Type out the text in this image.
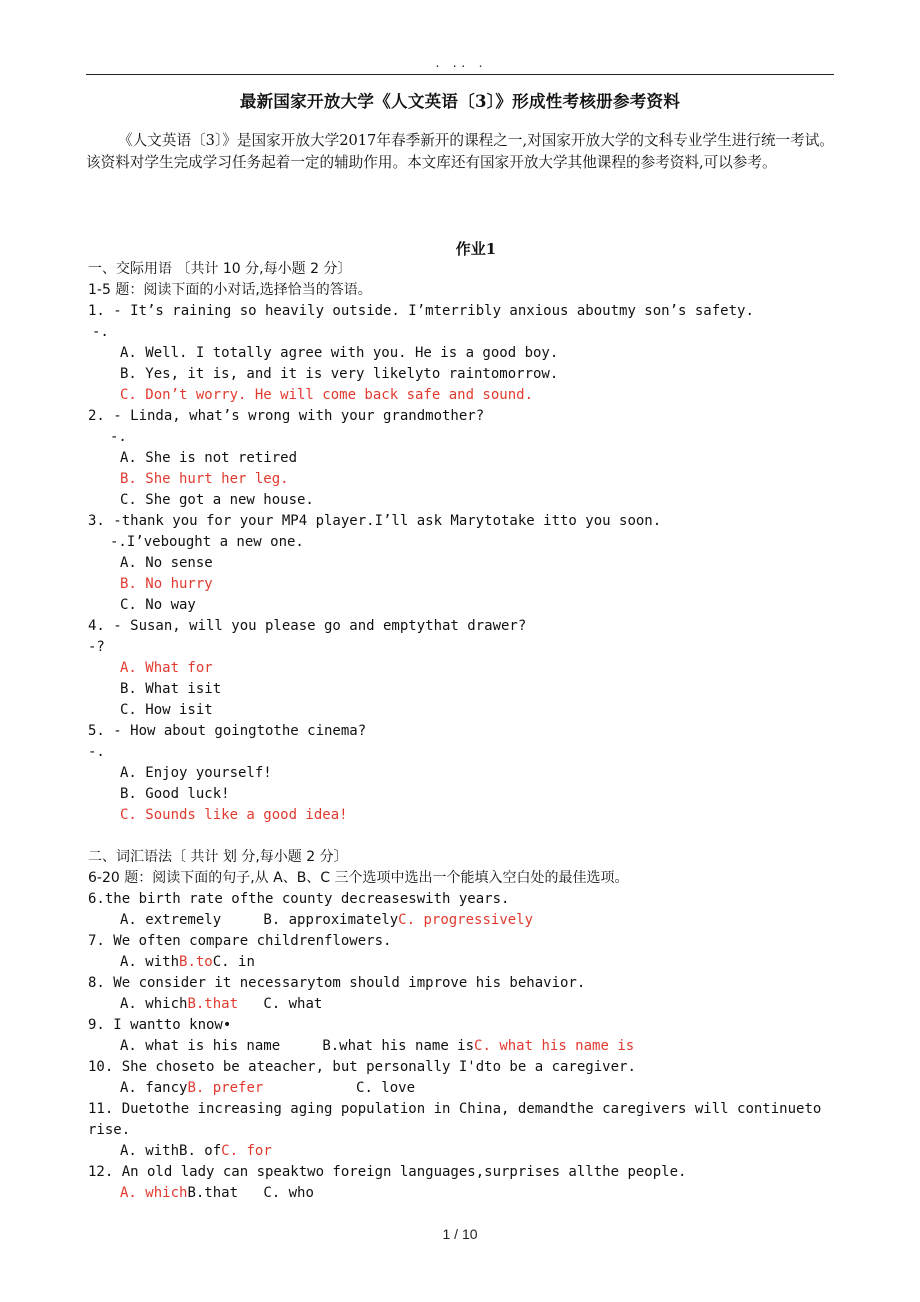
. .. .
最新国家开放大学《人文英语〔3〕》形成性考核册参考资料
《人文英语〔3〕》是国家开放大学2017年春季新开的课程之一,对国家开放大学的文科专业学生进行统一考试。该资料对学生完成学习任务起着一定的辅助作用。本文库还有国家开放大学其他课程的参考资料,可以参考。
作业1
一、交际用语 〔共计 10 分,每小题 2 分〕
1-5 题：阅读下面的小对话,选择恰当的答语。
1. - It’s raining so heavily outside. I’mterribly anxious aboutmy son’s safety.
-.
A. Well. I totally agree with you. He is a good boy.
B. Yes, it is, and it is very likelyto raintomorrow.
C. Don’t worry. He will come back safe and sound.
2. - Linda, what’s wrong with your grandmother?
-.
A. She is not retired
B. She hurt her leg.
C. She got a new house.
3. -thank you for your MP4 player.I’ll ask Marytotake itto you soon.
-.I’vebought a new one.
A. No sense
B. No hurry
C. No way
4. - Susan, will you please go and emptythat drawer?
-?
A. What for
B. What isit
C. How isit
5. - How about goingtothe cinema?
-.
A. Enjoy yourself!
B. Good luck!
C. Sounds like a good idea!
二、词汇语法〔 共计 划 分,每小题 2 分〕
6-20 题：阅读下面的句子,从 A、B、C 三个选项中选出一个能填入空白处的最佳选项。
6.the birth rate ofthe county decreaseswith years.
A. extremely	B. approximatelyC. progressively
7. We often compare childrenflowers.
A. withB.toC. in
8. We consider it necessarytom should improve his behavior.
A. whichB.that C. what
9. I wantto know•
A. what is his name	B.what his name isC. what his name is
10. She choseto be ateacher, but personally I'dto be a caregiver.
A. fancyB. prefer	C. love
11. Duetothe increasing aging population in China, demandthe caregivers will continueto rise.
A. withB. ofC. for
12. An old lady can speaktwo foreign languages,surprises allthe people.
A. whichB.that C. who
1 / 10
